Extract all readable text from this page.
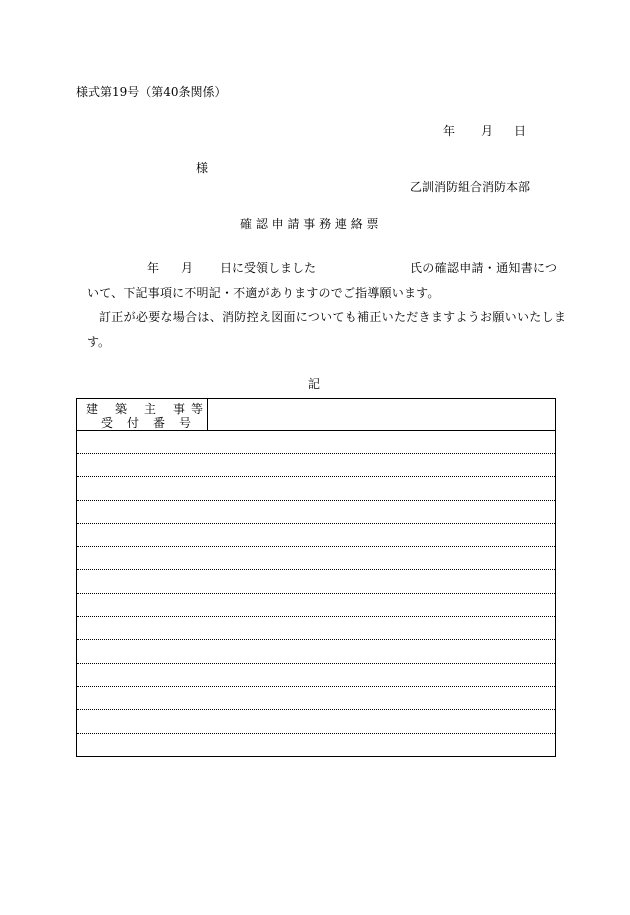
様式第19号（第40条関係）
年 月 日
様
乙訓消防組合消防本部
確 認 申 請 事 務 連 絡 票
年 月 日に受領しました	氏の確認申請・通知書につ
いて、下記事項に不明記・不適がありますのでご指導願います。
訂正が必要な場合は、消防控え図面についても補正いただきますようお願いいたしま
す。
記
建 築 主 事 等
受 付 番 号
